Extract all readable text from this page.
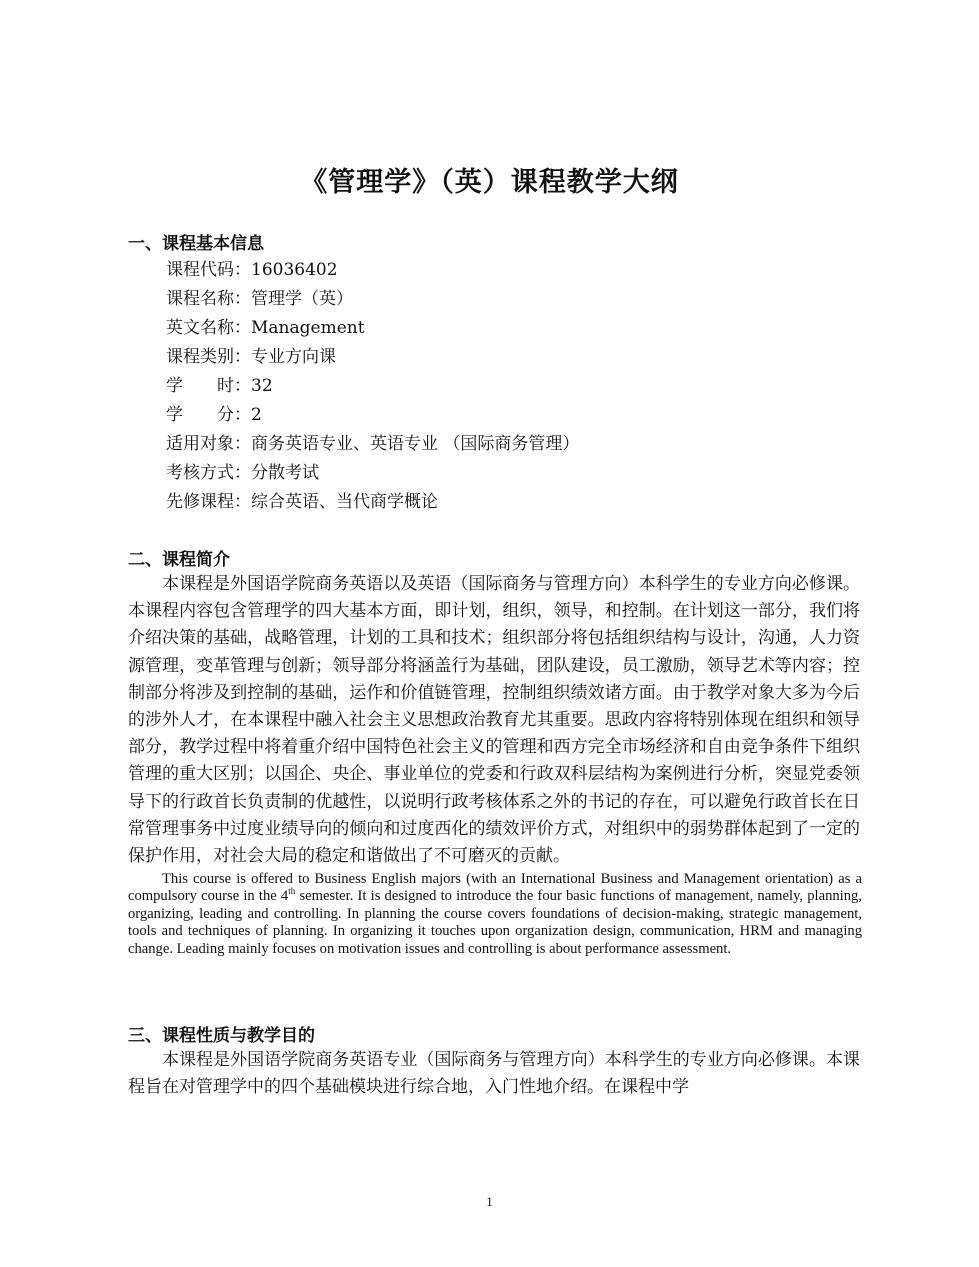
《管理学》（英）课程教学大纲
一、课程基本信息
课程代码：16036402
课程名称：管理学（英）
英文名称：Management
课程类别：专业方向课
学　　时：32
学　　分：2
适用对象：商务英语专业、英语专业 （国际商务管理）
考核方式：分散考试
先修课程：综合英语、当代商学概论
二、课程简介

本课程是外国语学院商务英语以及英语（国际商务与管理方向）本科学生的专业方向必修课。本课程内容包含管理学的四大基本方面，即计划，组织，领导，和控制。在计划这一部分，我们将介绍决策的基础，战略管理，计划的工具和技术；组织部分将包括组织结构与设计，沟通，人力资源管理，变革管理与创新；领导部分将涵盖行为基础，团队建设，员工激励，领导艺术等内容；控制部分将涉及到控制的基础，运作和价值链管理，控制组织绩效诸方面。由于教学对象大多为今后的涉外人才，在本课程中融入社会主义思想政治教育尤其重要。思政内容将特别体现在组织和领导部分，教学过程中将着重介绍中国特色社会主义的管理和西方完全市场经济和自由竞争条件下组织管理的重大区别；以国企、央企、事业单位的党委和行政双科层结构为案例进行分析，突显党委领导下的行政首长负责制的优越性，以说明行政考核体系之外的书记的存在，可以避免行政首长在日常管理事务中过度业绩导向的倾向和过度西化的绩效评价方式，对组织中的弱势群体起到了一定的保护作用，对社会大局的稳定和谐做出了不可磨灭的贡献。

This course is offered to Business English majors (with an International Business and Management orientation) as a compulsory course in the 4th semester. It is designed to introduce the four basic functions of management, namely, planning, organizing, leading and controlling. In planning the course covers foundations of decision-making, strategic management, tools and techniques of planning. In organizing it touches upon organization design, communication, HRM and managing change. Leading mainly focuses on motivation issues and controlling is about performance assessment.

三、课程性质与教学目的

本课程是外国语学院商务英语专业（国际商务与管理方向）本科学生的专业方向必修课。本课程旨在对管理学中的四个基础模块进行综合地，入门性地介绍。在课程中学

1
